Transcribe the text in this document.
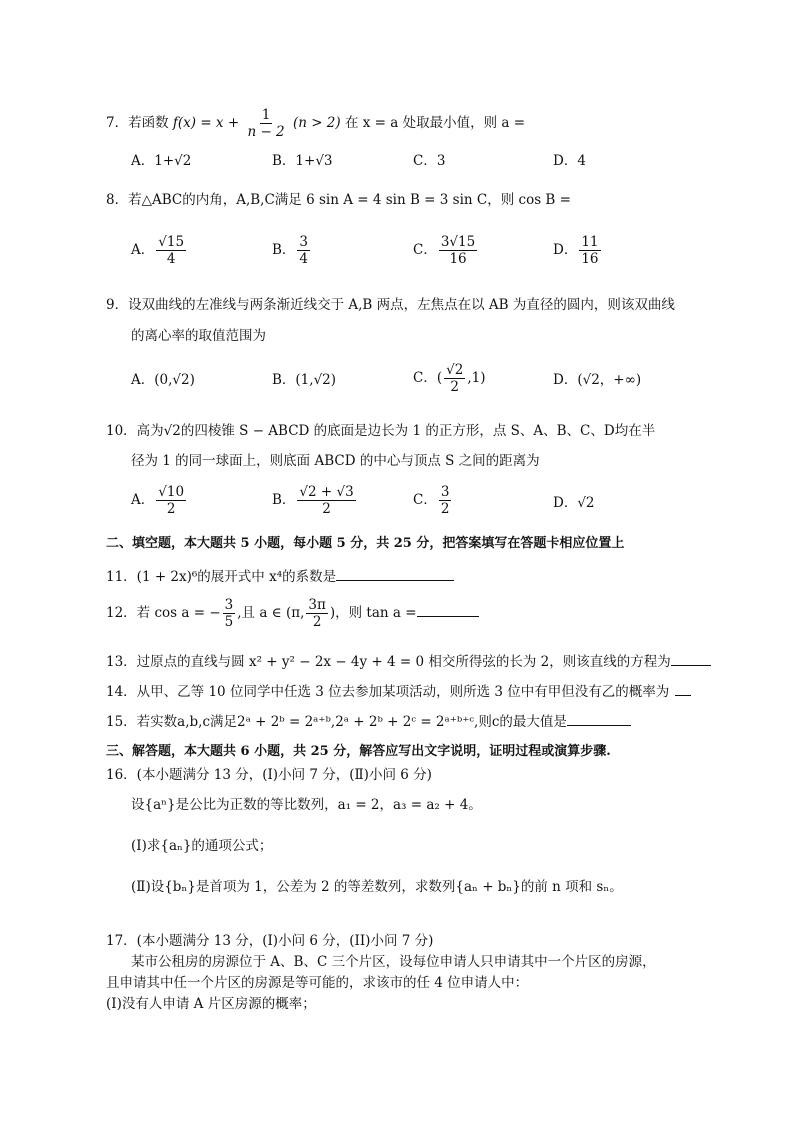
7．若函数 $f(x) = x + \frac{1}{n - 2} (n > 2)$ 在 x = a 处取最小值，则 a =
A．1+√2	B．1+√3	C．3	D．4
8．若△ABC的内角，A,B,C满足 6 sin A = 4 sin B = 3 sin C，则 cos B =
A． $\frac{√15}{4}$	B． $\frac{3}{4}$	C． $\frac{3√15}{16}$	D． $\frac{11}{16}$
9．设双曲线的左准线与两条渐近线交于 A,B 两点，左焦点在以 AB 为直径的圆内，则该双曲线
的离心率的取值范围为
A．(0,√2)	B．(1,√2)	C．( $\frac{√2}{2} ,1$)	D．(√2，+∞)
10．高为√2的四棱锥 S − ABCD 的底面是边长为 1 的正方形，点 S、A、B、C、D均在半
径为 1 的同一球面上，则底面 ABCD 的中心与顶点 S 之间的距离为
A． $\frac{√10}{2}$	B． $\frac{√2 + √3}{2}$	C． $\frac{3}{2}$	D．√2
二、填空题，本大题共 5 小题，每小题 5 分，共 25 分，把答案填写在答题卡相应位置上
11．(1 + 2x)⁶的展开式中 x⁴的系数是
12．若 cos a = − $\frac{3}{5}$ ,且 a ∈ (π, $\frac{3\pi}{2}$ )，则 tan a =
13．过原点的直线与圆 x² + y² − 2x − 4y + 4 = 0 相交所得弦的长为 2，则该直线的方程为
14．从甲、乙等 10 位同学中任选 3 位去参加某项活动，则所选 3 位中有甲但没有乙的概率为
15．若实数a,b,c满足2ᵃ + 2ᵇ = 2ᵃ⁺ᵇ,2ᵃ + 2ᵇ + 2ᶜ = 2ᵃ⁺ᵇ⁺ᶜ,则c的最大值是
三、解答题，本大题共 6 小题，共 25 分，解答应写出文字说明，证明过程或演算步骤.
16．(本小题满分 13 分，(Ⅰ)小问 7 分，(Ⅱ)小问 6 分)
设{aⁿ}是公比为正数的等比数列，a₁ = 2，a₃ = a₂ + 4。
(Ⅰ)求{aₙ}的通项公式；
(Ⅱ)设{bₙ}是首项为 1，公差为 2 的等差数列，求数列{aₙ + bₙ}的前 n 项和 sₙ。
17．(本小题满分 13 分，(I)小问 6 分，(II)小问 7 分)
某市公租房的房源位于 A、B、C 三个片区，设每位申请人只申请其中一个片区的房源，
且申请其中任一个片区的房源是等可能的，求该市的任 4 位申请人中：
(I)没有人申请 A 片区房源的概率；
